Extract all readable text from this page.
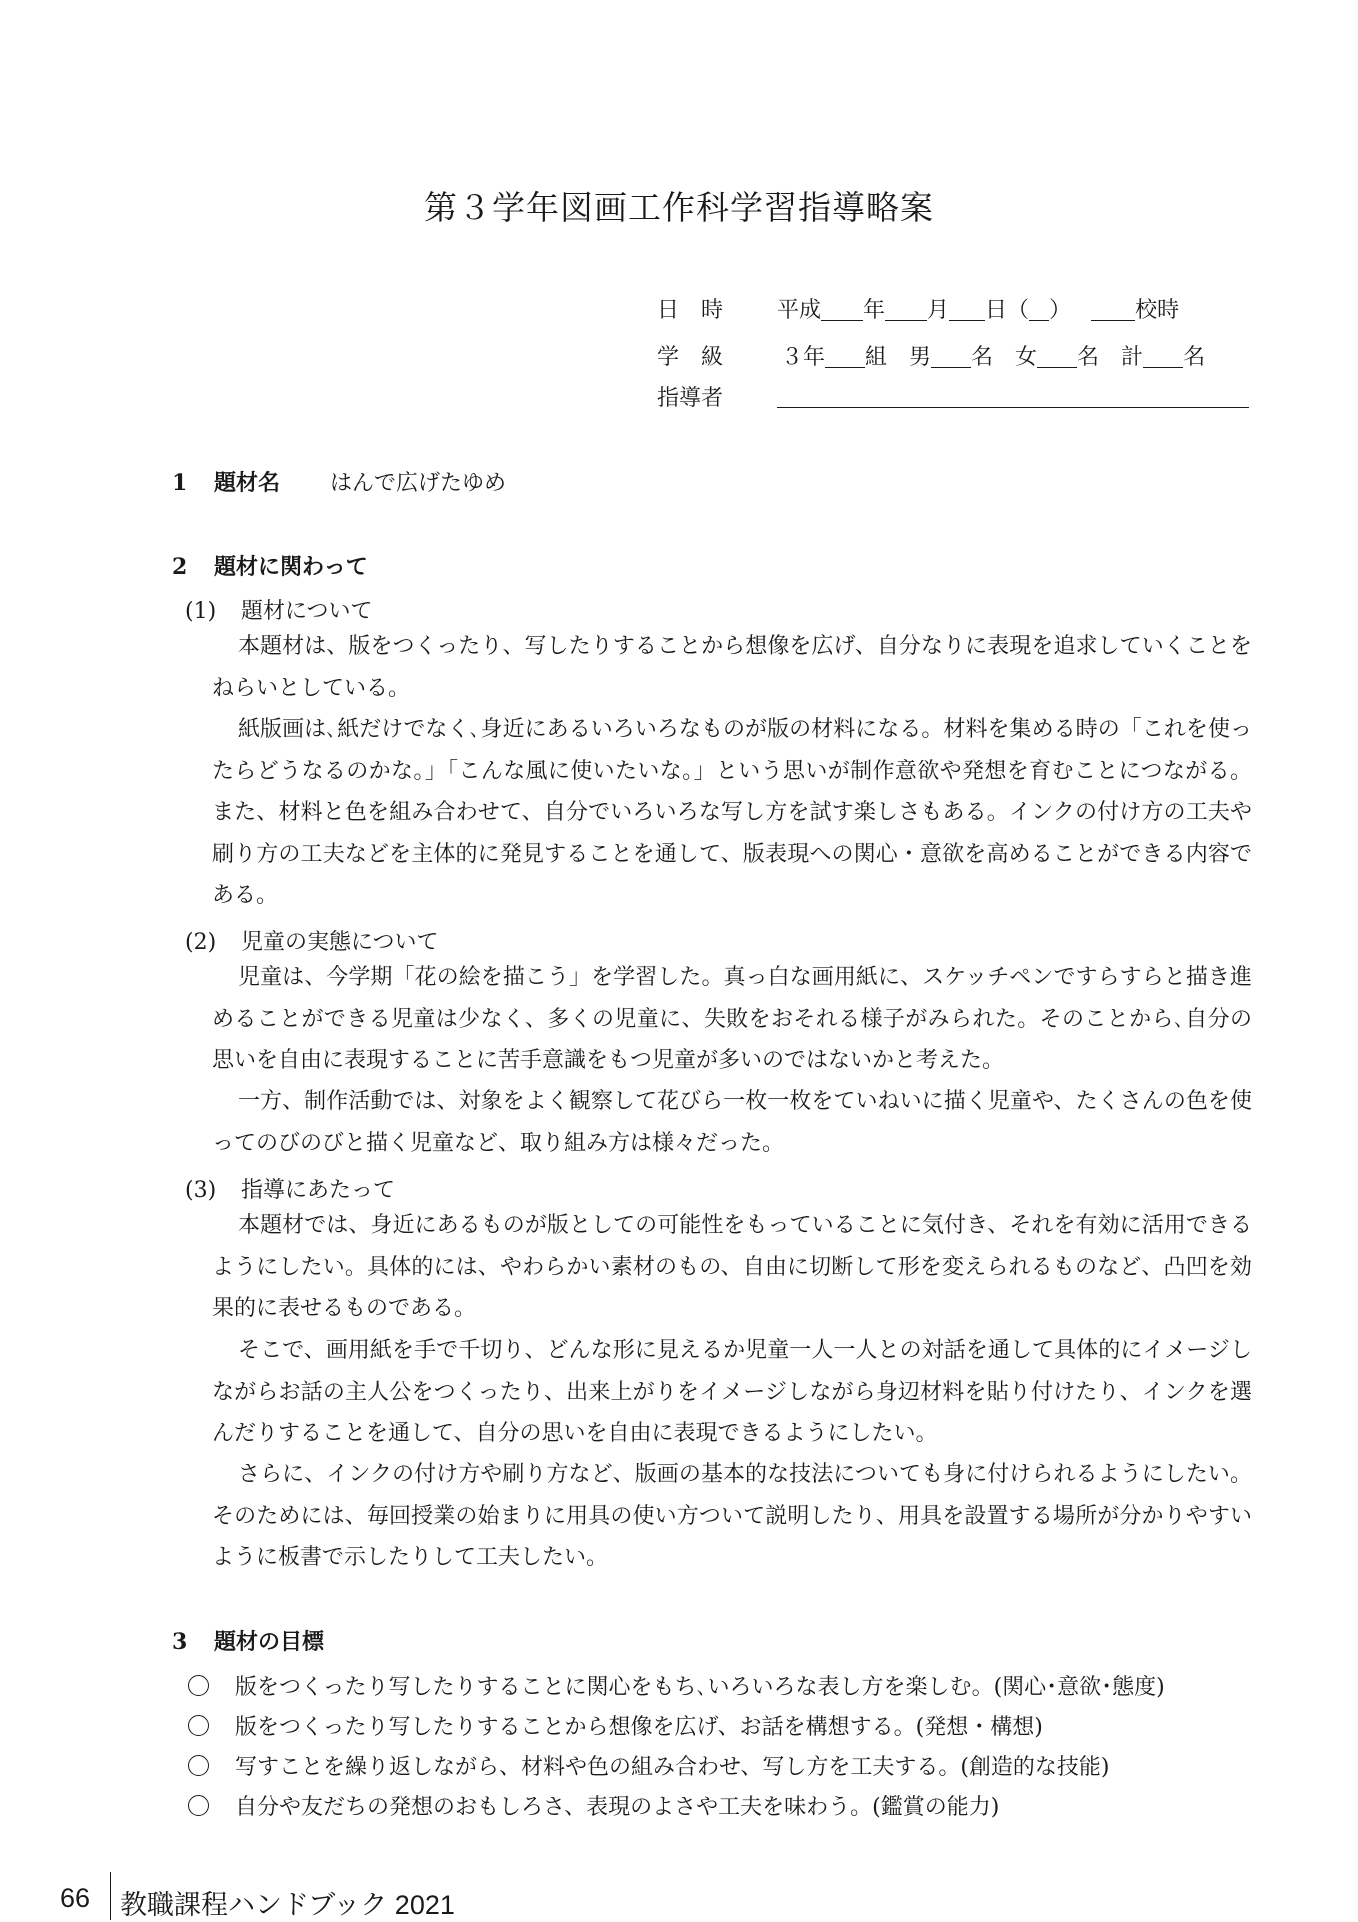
第３学年図画工作科学習指導略案
日　時 平成 年 月 日（ ）	校時
学　級	３年 組　男 名　女 名　計 名
指導者
1 題材名 はんで広げたゆめ
2 題材に関わって
(1) 題材について
本題材は、版をつくったり、写したりすることから想像を広げ、自分なりに表現を追求していくことをねらいとしている。
紙版画は､紙だけでなく､身近にあるいろいろなものが版の材料になる。材料を集める時の「これを使ったらどうなるのかな。」「こんな風に使いたいな。」という思いが制作意欲や発想を育むことにつながる。また、材料と色を組み合わせて、自分でいろいろな写し方を試す楽しさもある。インクの付け方の工夫や刷り方の工夫などを主体的に発見することを通して、版表現への関心・意欲を高めることができる内容である。
(2) 児童の実態について
児童は、今学期「花の絵を描こう」を学習した。真っ白な画用紙に、スケッチペンですらすらと描き進めることができる児童は少なく、多くの児童に、失敗をおそれる様子がみられた。そのことから､自分の思いを自由に表現することに苦手意識をもつ児童が多いのではないかと考えた。
一方、制作活動では、対象をよく観察して花びら一枚一枚をていねいに描く児童や、たくさんの色を使ってのびのびと描く児童など、取り組み方は様々だった。
(3) 指導にあたって
本題材では、身近にあるものが版としての可能性をもっていることに気付き、それを有効に活用できるようにしたい。具体的には、やわらかい素材のもの、自由に切断して形を変えられるものなど、凸凹を効果的に表せるものである。
そこで、画用紙を手で千切り、どんな形に見えるか児童一人一人との対話を通して具体的にイメージしながらお話の主人公をつくったり、出来上がりをイメージしながら身辺材料を貼り付けたり、インクを選んだりすることを通して、自分の思いを自由に表現できるようにしたい。
さらに、インクの付け方や刷り方など、版画の基本的な技法についても身に付けられるようにしたい。そのためには、毎回授業の始まりに用具の使い方ついて説明したり、用具を設置する場所が分かりやすいように板書で示したりして工夫したい。
3 題材の目標
版をつくったり写したりすることに関心をもち､いろいろな表し方を楽しむ。(関心･意欲･態度)
版をつくったり写したりすることから想像を広げ、お話を構想する。(発想・構想)
写すことを繰り返しながら、材料や色の組み合わせ、写し方を工夫する。(創造的な技能)
自分や友だちの発想のおもしろさ、表現のよさや工夫を味わう。(鑑賞の能力)
66 教職課程ハンドブック 2021
